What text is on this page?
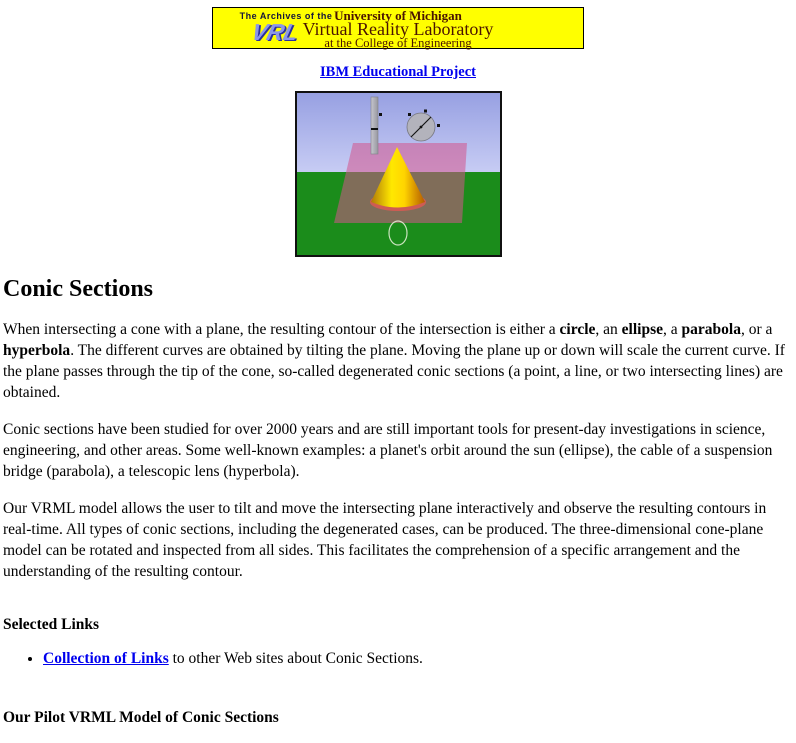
The Archives of the
VRL
University of Michigan
Virtual Reality Laboratory
at the College of Engineering
IBM Educational Project
Conic Sections

When intersecting a cone with a plane, the resulting contour of the intersection is either a circle, an ellipse, a parabola, or a hyperbola. The different curves are obtained by tilting the plane. Moving the plane up or down will scale the current curve. If the plane passes through the tip of the cone, so-called degenerated conic sections (a point, a line, or two intersecting lines) are obtained.

Conic sections have been studied for over 2000 years and are still important tools for present-day investigations in science, engineering, and other areas. Some well-known examples: a planet's orbit around the sun (ellipse), the cable of a suspension bridge (parabola), a telescopic lens (hyperbola).

Our VRML model allows the user to tilt and move the intersecting plane interactively and observe the resulting contours in real-time. All types of conic sections, including the degenerated cases, can be produced. The three-dimensional cone-plane model can be rotated and inspected from all sides. This facilitates the comprehension of a specific arrangement and the understanding of the resulting contour.

Selected Links

• Collection of Links to other Web sites about Conic Sections.

Our Pilot VRML Model of Conic Sections
